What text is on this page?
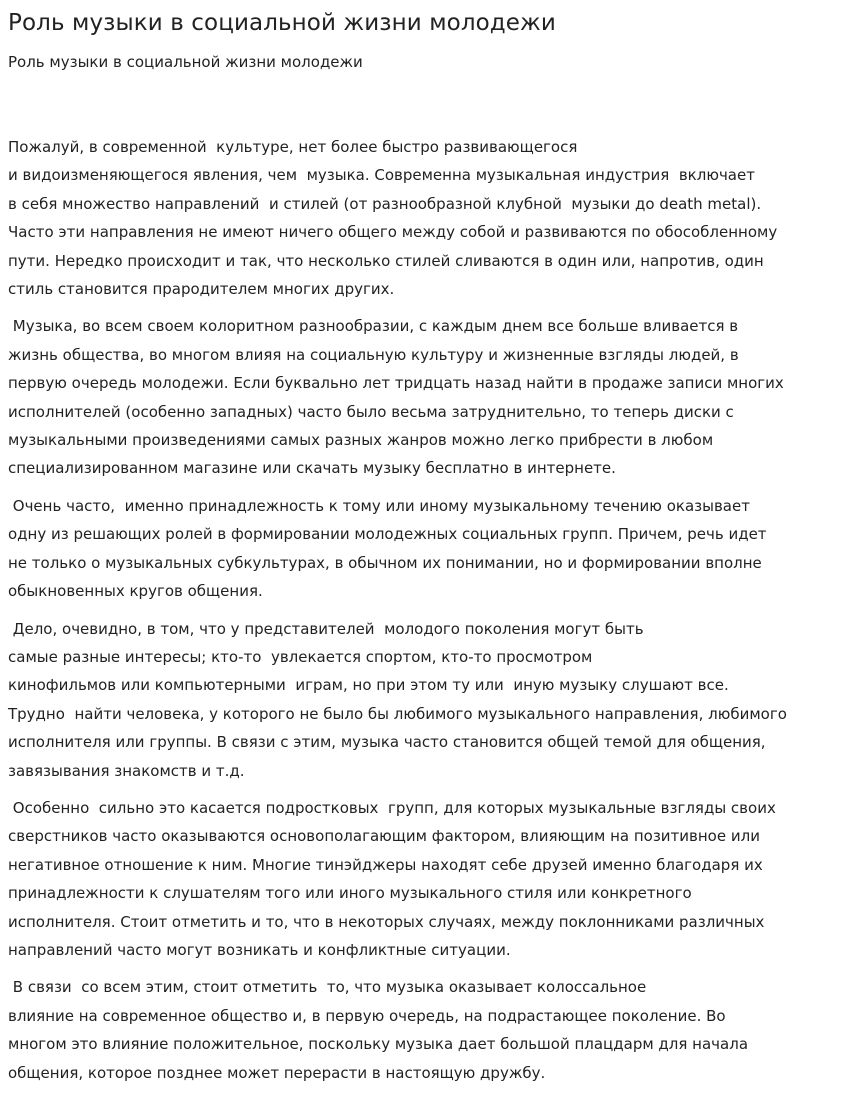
Роль музыки в социальной жизни молодежи

Роль музыки в социальной жизни молодежи

Пожалуй, в современной  культуре, нет более быстро развивающегося
и видоизменяющегося явления, чем  музыка. Современна музыкальная индустрия  включает
в себя множество направлений  и стилей (от разнообразной клубной  музыки до death metal).
Часто эти направления не имеют ничего общего между собой и развиваются по обособленному
пути. Нередко происходит и так, что несколько стилей сливаются в один или, напротив, один
стиль становится прародителем многих других.

Музыка, во всем своем колоритном разнообразии, с каждым днем все больше вливается в
жизнь общества, во многом влияя на социальную культуру и жизненные взгляды людей, в
первую очередь молодежи. Если буквально лет тридцать назад найти в продаже записи многих
исполнителей (особенно западных) часто было весьма затруднительно, то теперь диски с
музыкальными произведениями самых разных жанров можно легко прибрести в любом
специализированном магазине или скачать музыку бесплатно в интернете.

Очень часто,  именно принадлежность к тому или иному музыкальному течению оказывает
одну из решающих ролей в формировании молодежных социальных групп. Причем, речь идет
не только о музыкальных субкультурах, в обычном их понимании, но и формировании вполне
обыкновенных кругов общения.

Дело, очевидно, в том, что у представителей  молодого поколения могут быть
самые разные интересы; кто-то  увлекается спортом, кто-то просмотром
кинофильмов или компьютерными  играм, но при этом ту или  иную музыку слушают все.
Трудно  найти человека, у которого не было бы любимого музыкального направления, любимого
исполнителя или группы. В связи с этим, музыка часто становится общей темой для общения,
завязывания знакомств и т.д.

Особенно  сильно это касается подростковых  групп, для которых музыкальные взгляды своих
сверстников часто оказываются основополагающим фактором, влияющим на позитивное или
негативное отношение к ним. Многие тинэйджеры находят себе друзей именно благодаря их
принадлежности к слушателям того или иного музыкального стиля или конкретного
исполнителя. Стоит отметить и то, что в некоторых случаях, между поклонниками различных
направлений часто могут возникать и конфликтные ситуации.

В связи  со всем этим, стоит отметить  то, что музыка оказывает колоссальное
влияние на современное общество и, в первую очередь, на подрастающее поколение. Во
многом это влияние положительное, поскольку музыка дает большой плацдарм для начала
общения, которое позднее может перерасти в настоящую дружбу.
